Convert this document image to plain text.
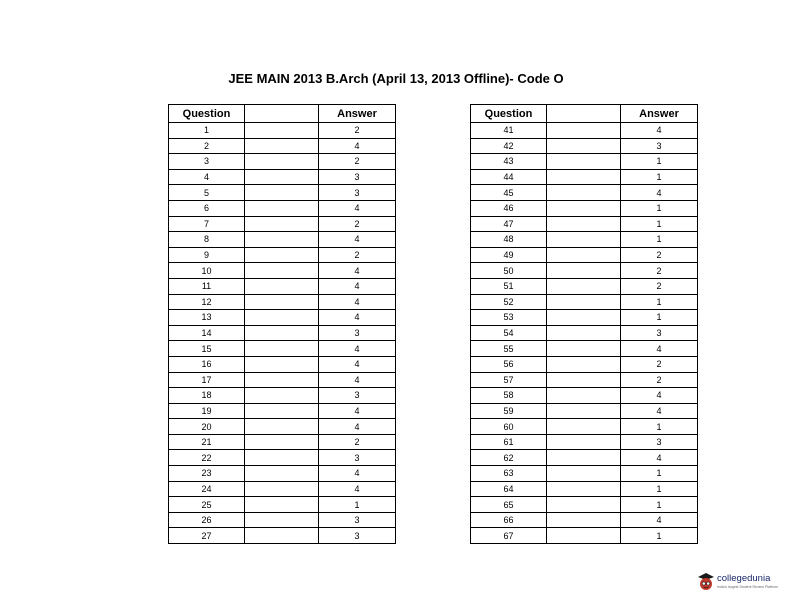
JEE MAIN 2013 B.Arch (April 13, 2013 Offline)- Code O
Question		Answer
1		2
2		4
3		2
4		3
5		3
6		4
7		2
8		4
9		2
10		4
11		4
12		4
13		4
14		3
15		4
16		4
17		4
18		3
19		4
20		4
21		2
22		3
23		4
24		4
25		1
26		3
27		3
Question		Answer
41		4
42		3
43		1
44		1
45		4
46		1
47		1
48		1
49		2
50		2
51		2
52		1
53		1
54		3
55		4
56		2
57		2
58		4
59		4
60		1
61		3
62		4
63		1
64		1
65		1
66		4
67		1
collegedunia
India's largest Student Review Platform
